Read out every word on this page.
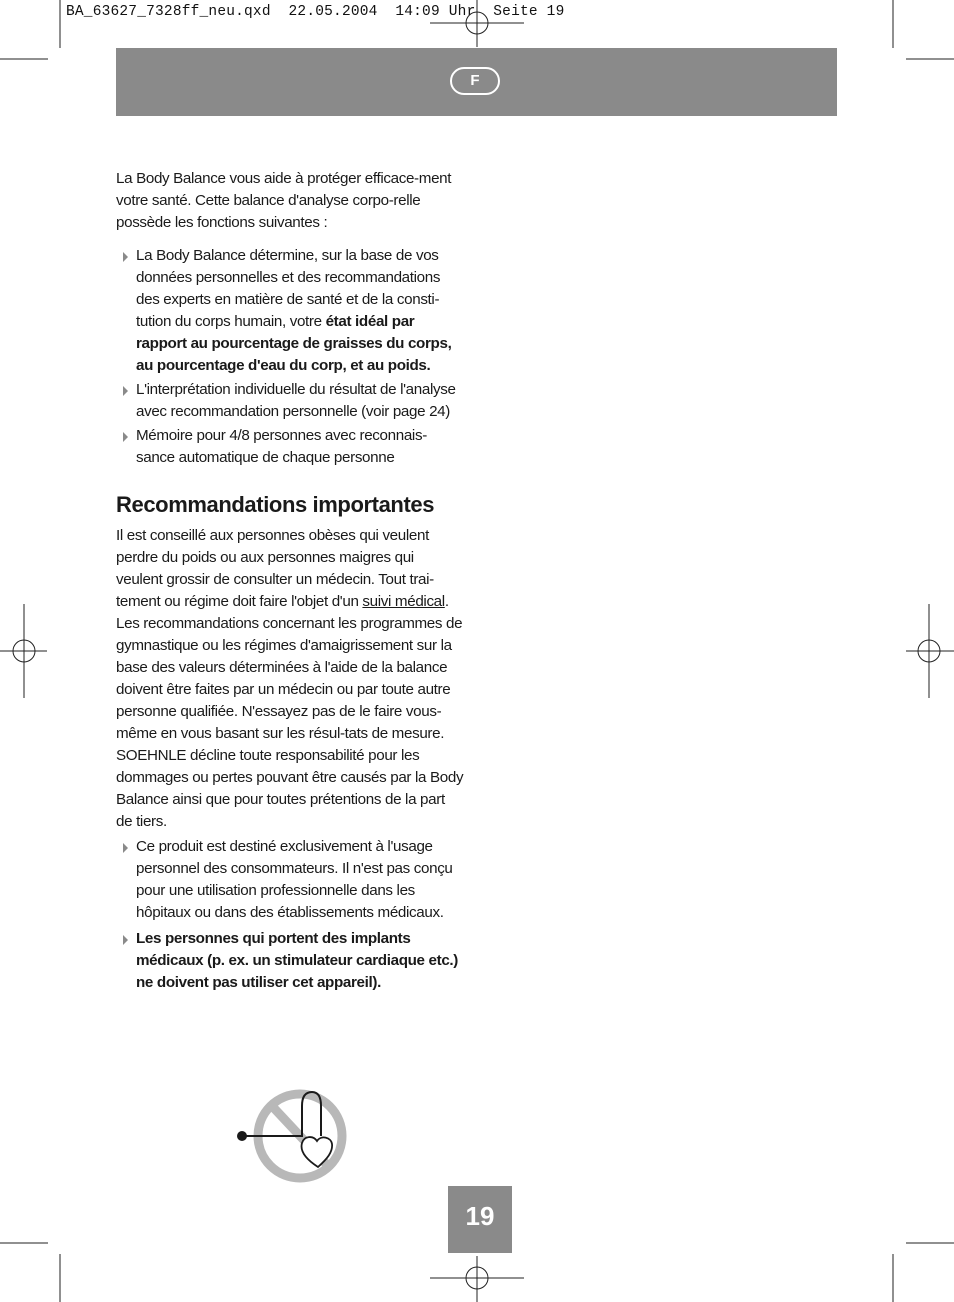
BA_63627_7328ff_neu.qxd  22.05.2004  14:09 Uhr  Seite 19
F

La Body Balance vous aide à protéger efficace-ment votre santé. Cette balance d'analyse corpo-relle possède les fonctions suivantes :

La Body Balance détermine, sur la base de vos données personnelles et des recommandations des experts en matière de santé et de la consti-tution du corps humain, votre état idéal par rapport au pourcentage de graisses du corps, au pourcentage d'eau du corp, et au poids.
L'interprétation individuelle du résultat de l'analyse avec recommandation personnelle (voir page 24)
Mémoire pour 4/8 personnes avec reconnais-sance automatique de chaque personne
Recommandations importantes

Il est conseillé aux personnes obèses qui veulent perdre du poids ou aux personnes maigres qui veulent grossir de consulter un médecin. Tout trai-tement ou régime doit faire l'objet d'un suivi médical.

Les recommandations concernant les programmes de gymnastique ou les régimes d'amaigrissement sur la base des valeurs déterminées à l'aide de la balance doivent être faites par un médecin ou par toute autre personne qualifiée. N'essayez pas de le faire vous-même en vous basant sur les résul-tats de mesure.

SOEHNLE décline toute responsabilité pour les dommages ou pertes pouvant être causés par la Body Balance ainsi que pour toutes prétentions de la part de tiers.

Ce produit est destiné exclusivement à l'usage personnel des consommateurs. Il n'est pas conçu pour une utilisation professionnelle dans les hôpitaux ou dans des établissements médicaux.
Les personnes qui portent des implants médicaux (p. ex. un stimulateur cardiaque etc.) ne doivent pas utiliser cet appareil).
19
